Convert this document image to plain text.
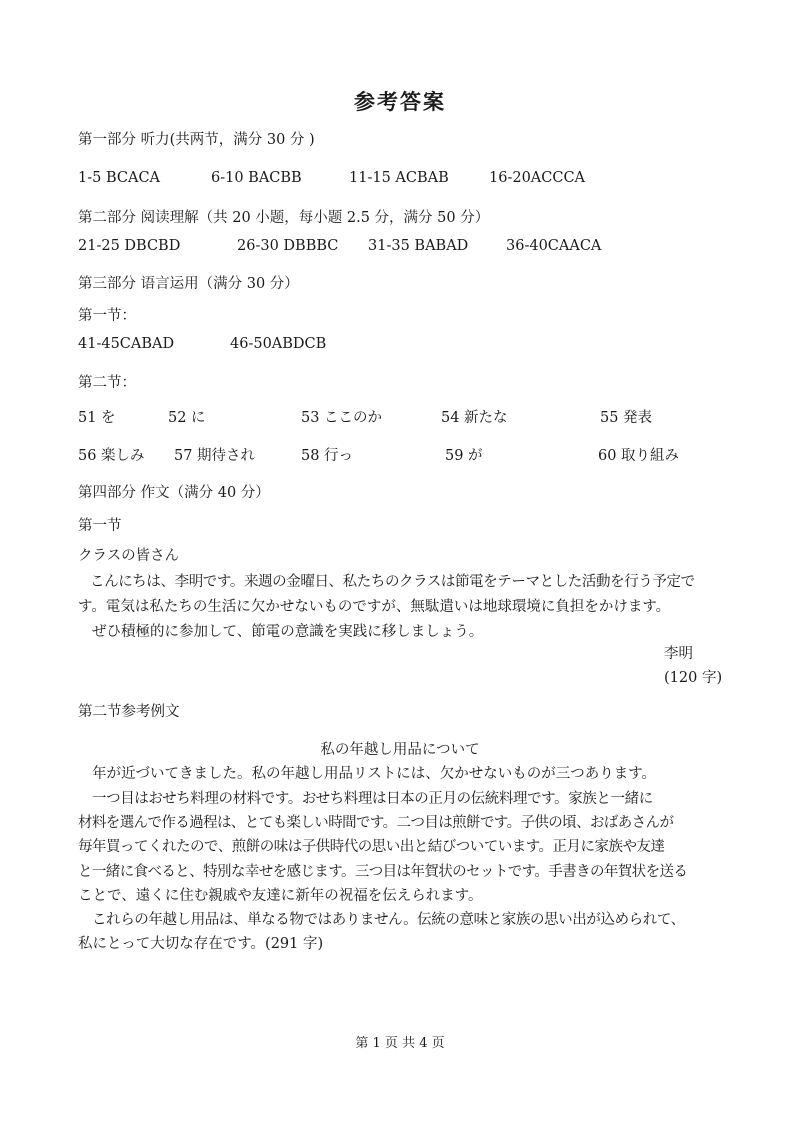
参考答案
第一部分 听力(共两节，满分 30 分 )
1-5 BCACA	6-10 BACBB	11-15 ACBAB	16-20ACCCA
第二部分 阅读理解（共 20 小题，每小题 2.5 分，满分 50 分）
21-25 DBCBD	26-30 DBBBC 31-35 BABAD	36-40CAACA
第三部分 语言运用（满分 30 分）
第一节：
41-45CABAD	46-50ABDCB
第二节：
51 を	52 に	53 ここのか	54 新たな	55 発表
56 楽しみ 57 期待され	58 行っ	59 が	60 取り組み
第四部分 作文（满分 40 分）
第一节
クラスの皆さん
こんにちは、李明です。来週の金曜日、私たちのクラスは節電をテーマとした活動を行う予定で
す。電気は私たちの生活に欠かせないものですが、無駄遣いは地球環境に負担をかけます。
ぜひ積極的に参加して、節電の意識を実践に移しましょう。
李明
(120 字)
第二节参考例文
私の年越し用品について
年が近づいてきました。私の年越し用品リストには、欠かせないものが三つあります。
一つ目はおせち料理の材料です。おせち料理は日本の正月の伝統料理です。家族と一緒に
材料を選んで作る過程は、とても楽しい時間です。二つ目は煎餅です。子供の頃、おばあさんが
毎年買ってくれたので、煎餅の味は子供時代の思い出と結びついています。正月に家族や友達
と一緒に食べると、特別な幸せを感じます。三つ目は年賀状のセットです。手書きの年賀状を送る
ことで、遠くに住む親戚や友達に新年の祝福を伝えられます。
これらの年越し用品は、単なる物ではありません。伝統の意味と家族の思い出が込められて、
私にとって大切な存在です。(291 字)
第 1 页 共 4 页
